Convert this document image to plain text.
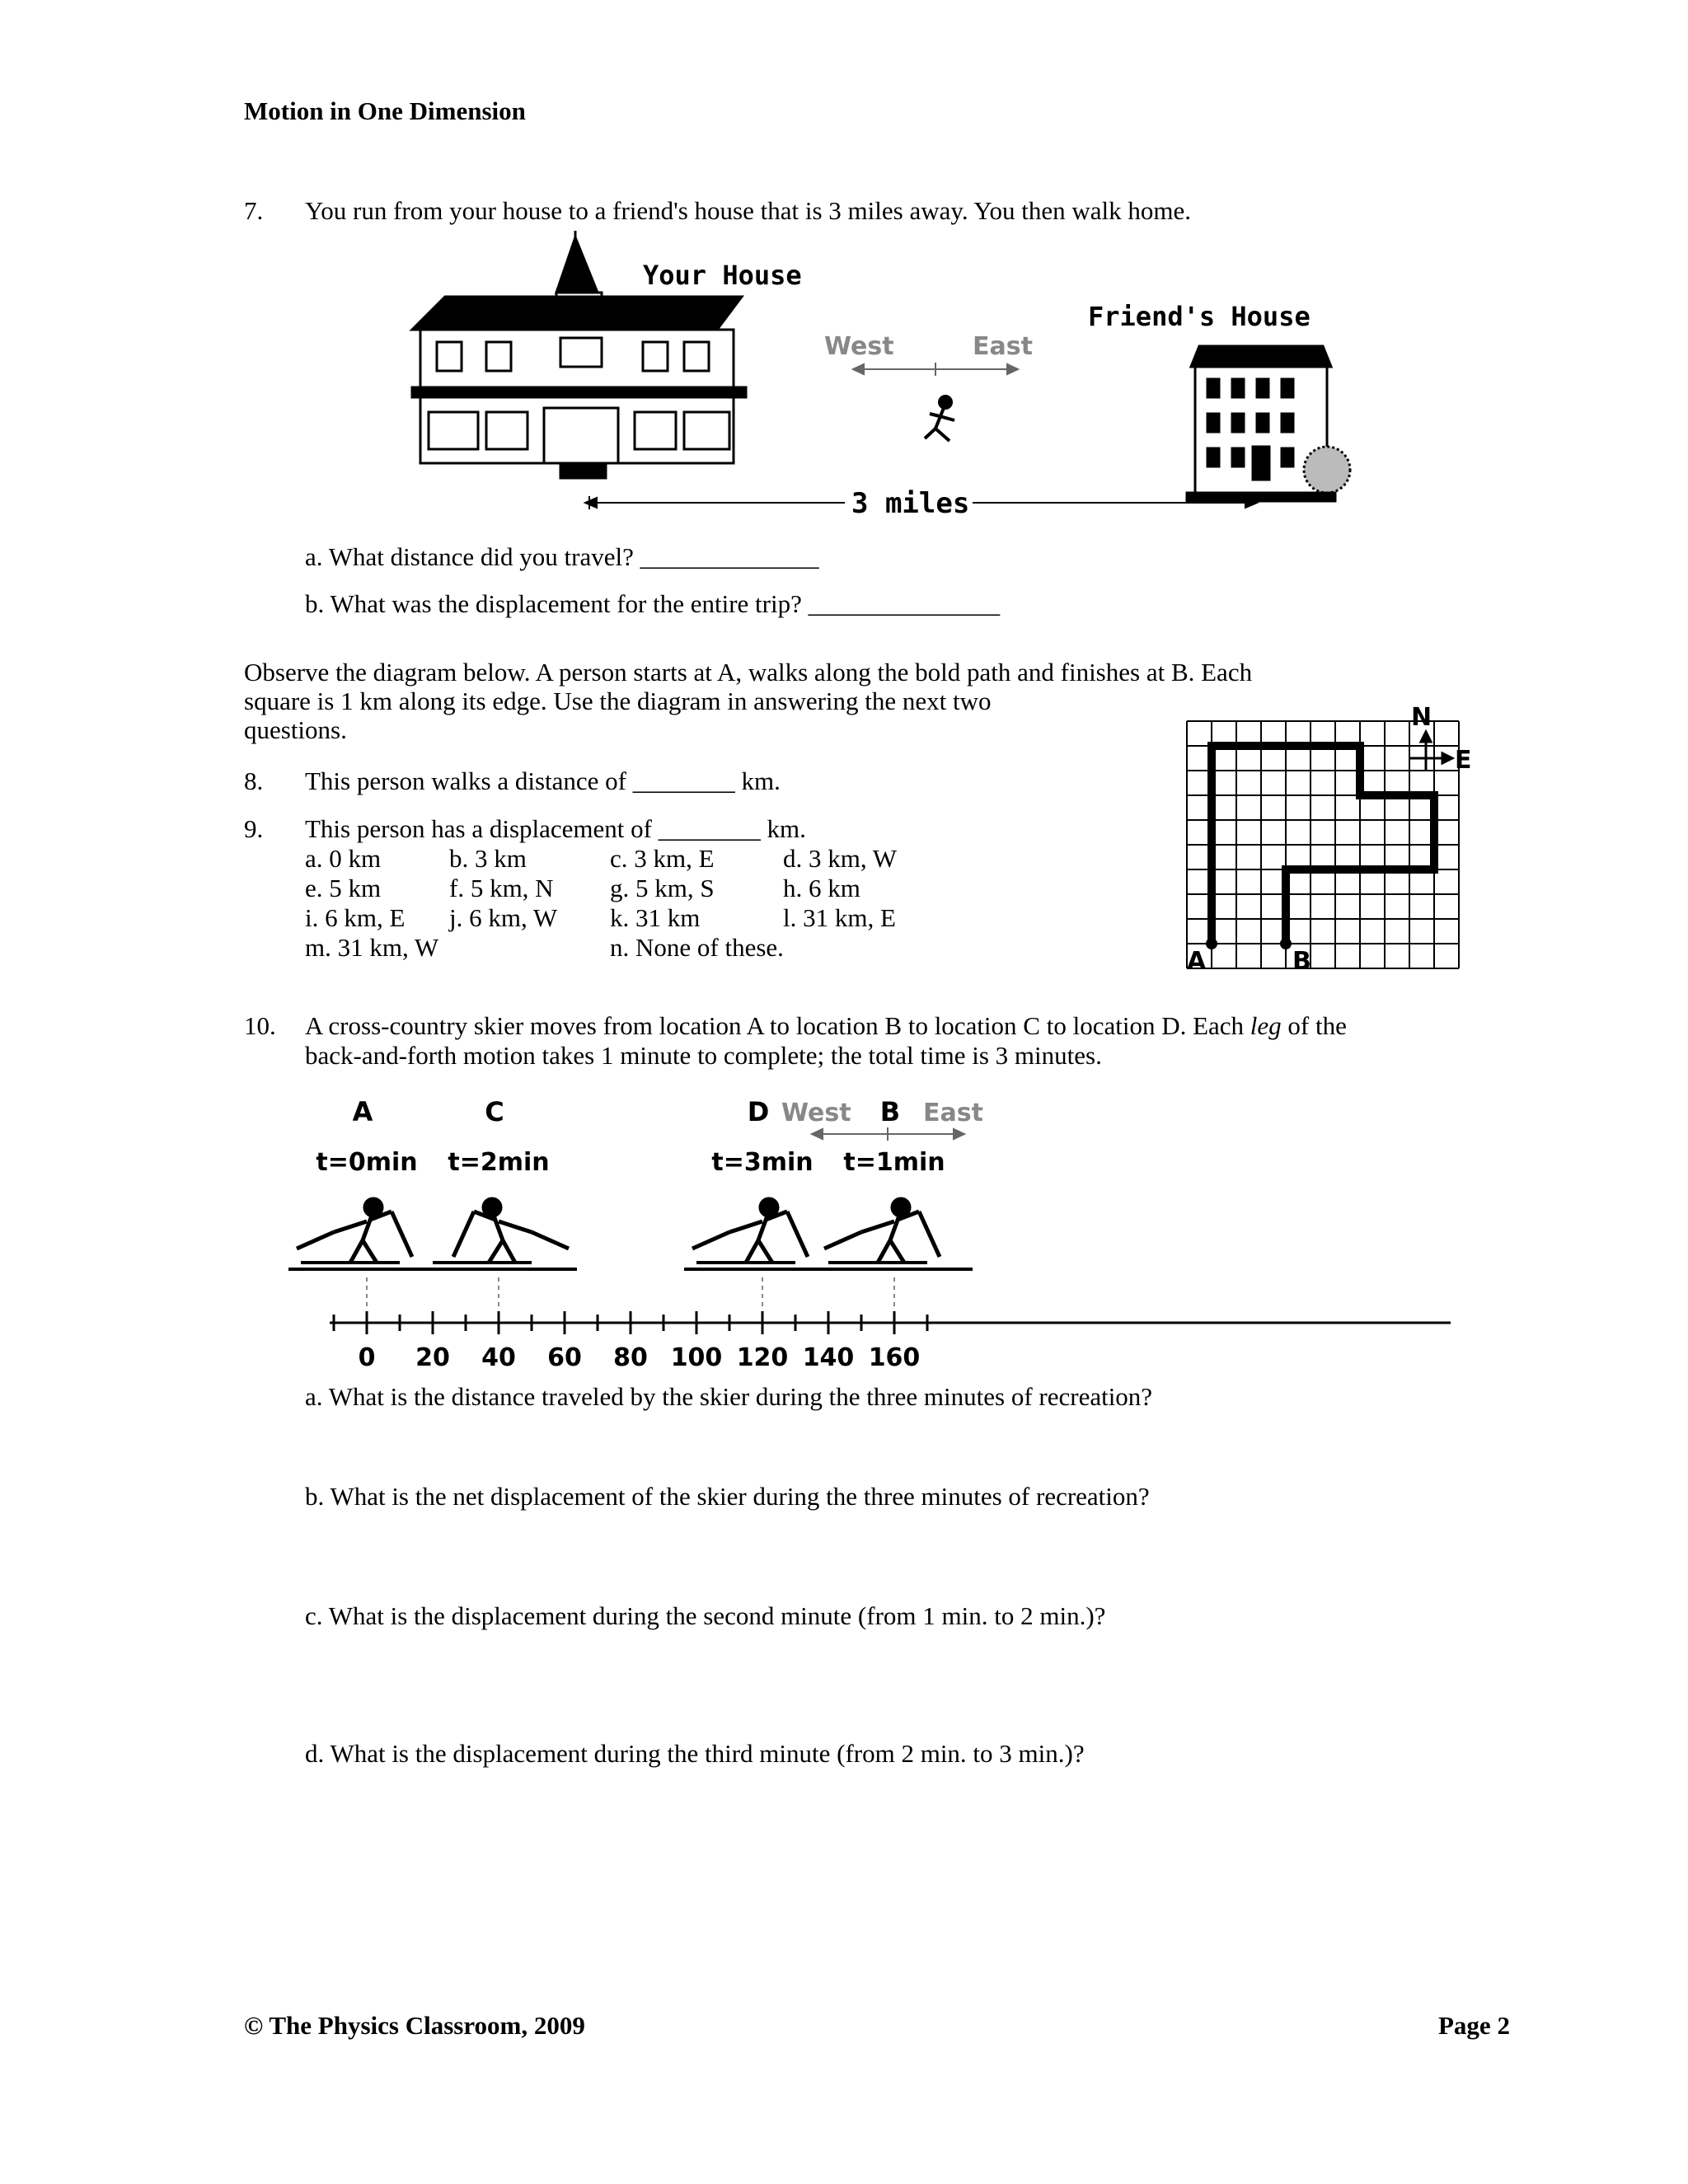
Motion in One Dimension
7. You run from your house to a friend's house that is 3 miles away. You then walk home.
Your House
West	East
Friend's House
3 miles
a. What distance did you travel? ______________
b. What was the displacement for the entire trip? _______________
Observe the diagram below. A person starts at A, walks along the bold path and finishes at B. Each
square is 1 km along its edge. Use the diagram in answering the next two
questions.
A	B
N
E
8. This person walks a distance of ________ km.
9. This person has a displacement of ________ km.
a. 0 km	b. 3 km	c. 3 km, E	d. 3 km, W
e. 5 km	f. 5 km, N g. 5 km, S	h. 6 km
i. 6 km, E j. 6 km, W k. 31 km	l. 31 km, E
m. 31 km, W	n. None of these.
10. A cross-country skier moves from location A to location B to location C to location D. Each leg of the
back-and-forth motion takes 1 minute to complete; the total time is 3 minutes.
West	East
A
t=0min
C
t=2min
D
t=3min
B
t=1min
0 20 40 60 80 100 120 140 160
a. What is the distance traveled by the skier during the three minutes of recreation?
b. What is the net displacement of the skier during the three minutes of recreation?
c. What is the displacement during the second minute (from 1 min. to 2 min.)?
d. What is the displacement during the third minute (from 2 min. to 3 min.)?
© The Physics Classroom, 2009	Page 2
